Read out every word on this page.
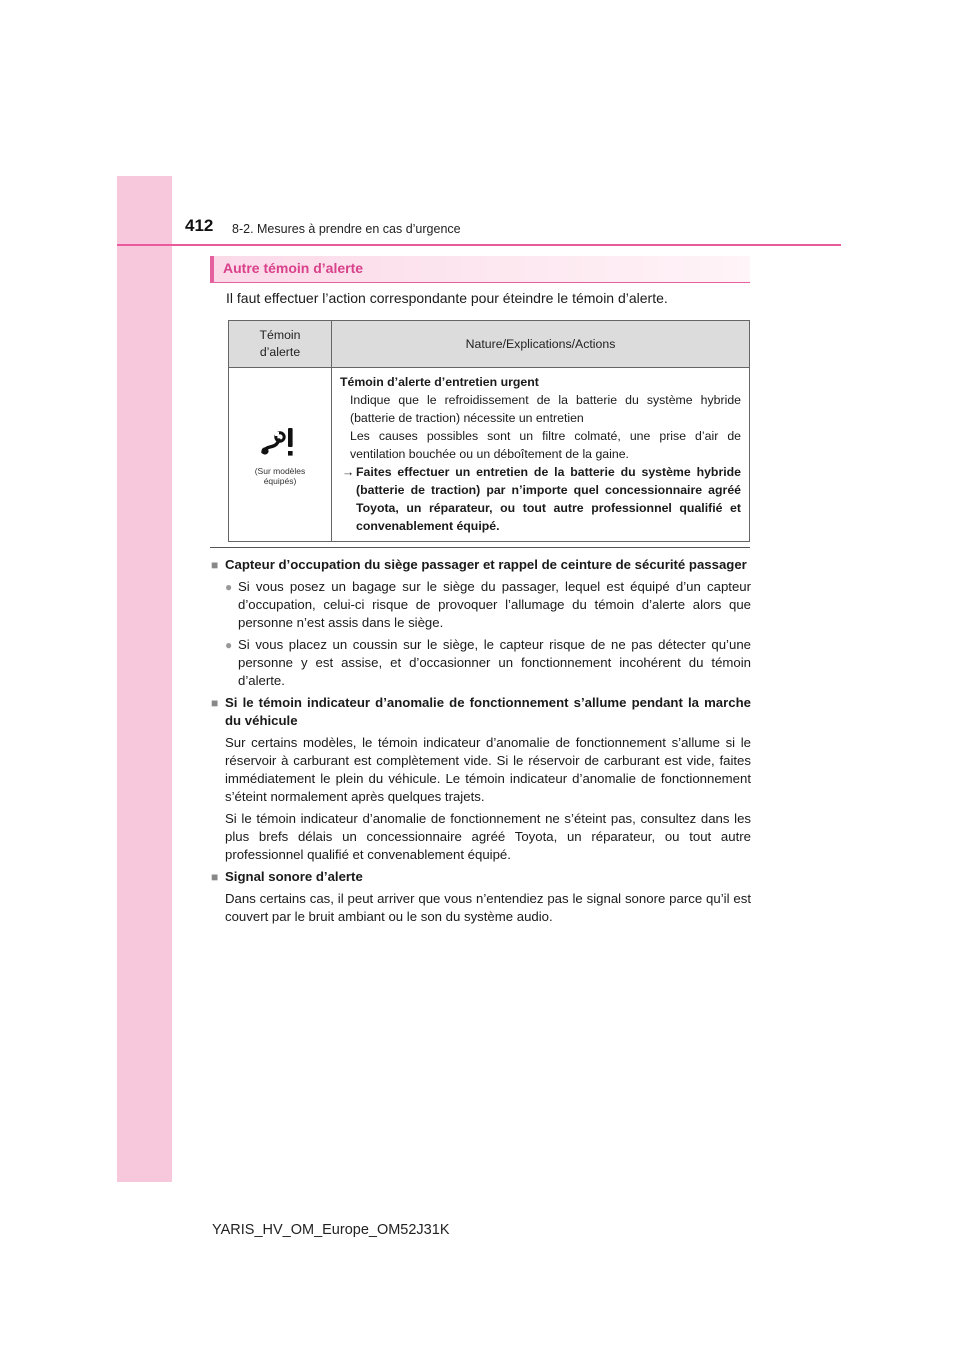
412 8-2. Mesures à prendre en cas d’urgence
Autre témoin d’alerte
Il faut effectuer l’action correspondante pour éteindre le témoin d’alerte.
Témoin d’alerte	Nature/Explications/Actions

(Sur modèles équipés)	Témoin d’alerte d’entretien urgent
Indique que le refroidissement de la batterie du système hybride (batterie de traction) nécessite un entretien
Les causes possibles sont un filtre colmaté, une prise d’air de ventilation bouchée ou un déboîtement de la gaine.
→ Faites effectuer un entretien de la batterie du système hybride (batterie de traction) par n’importe quel concessionnaire agréé Toyota, un réparateur, ou tout autre professionnel qualifié et convenablement équipé.
■ Capteur d’occupation du siège passager et rappel de ceinture de sécurité passager
● Si vous posez un bagage sur le siège du passager, lequel est équipé d’un capteur d’occupation, celui-ci risque de provoquer l’allumage du témoin d’alerte alors que personne n’est assis dans le siège.
● Si vous placez un coussin sur le siège, le capteur risque de ne pas détecter qu’une personne y est assise, et d’occasionner un fonctionnement incohérent du témoin d’alerte.
■ Si le témoin indicateur d’anomalie de fonctionnement s’allume pendant la marche du véhicule
Sur certains modèles, le témoin indicateur d’anomalie de fonctionnement s’allume si le réservoir à carburant est complètement vide. Si le réservoir de carburant est vide, faites immédiatement le plein du véhicule. Le témoin indicateur d’anomalie de fonctionnement s’éteint normalement après quelques trajets.
Si le témoin indicateur d’anomalie de fonctionnement ne s’éteint pas, consultez dans les plus brefs délais un concessionnaire agréé Toyota, un réparateur, ou tout autre professionnel qualifié et convenablement équipé.
■ Signal sonore d’alerte
Dans certains cas, il peut arriver que vous n’entendiez pas le signal sonore parce qu’il est couvert par le bruit ambiant ou le son du système audio.
YARIS_HV_OM_Europe_OM52J31K
